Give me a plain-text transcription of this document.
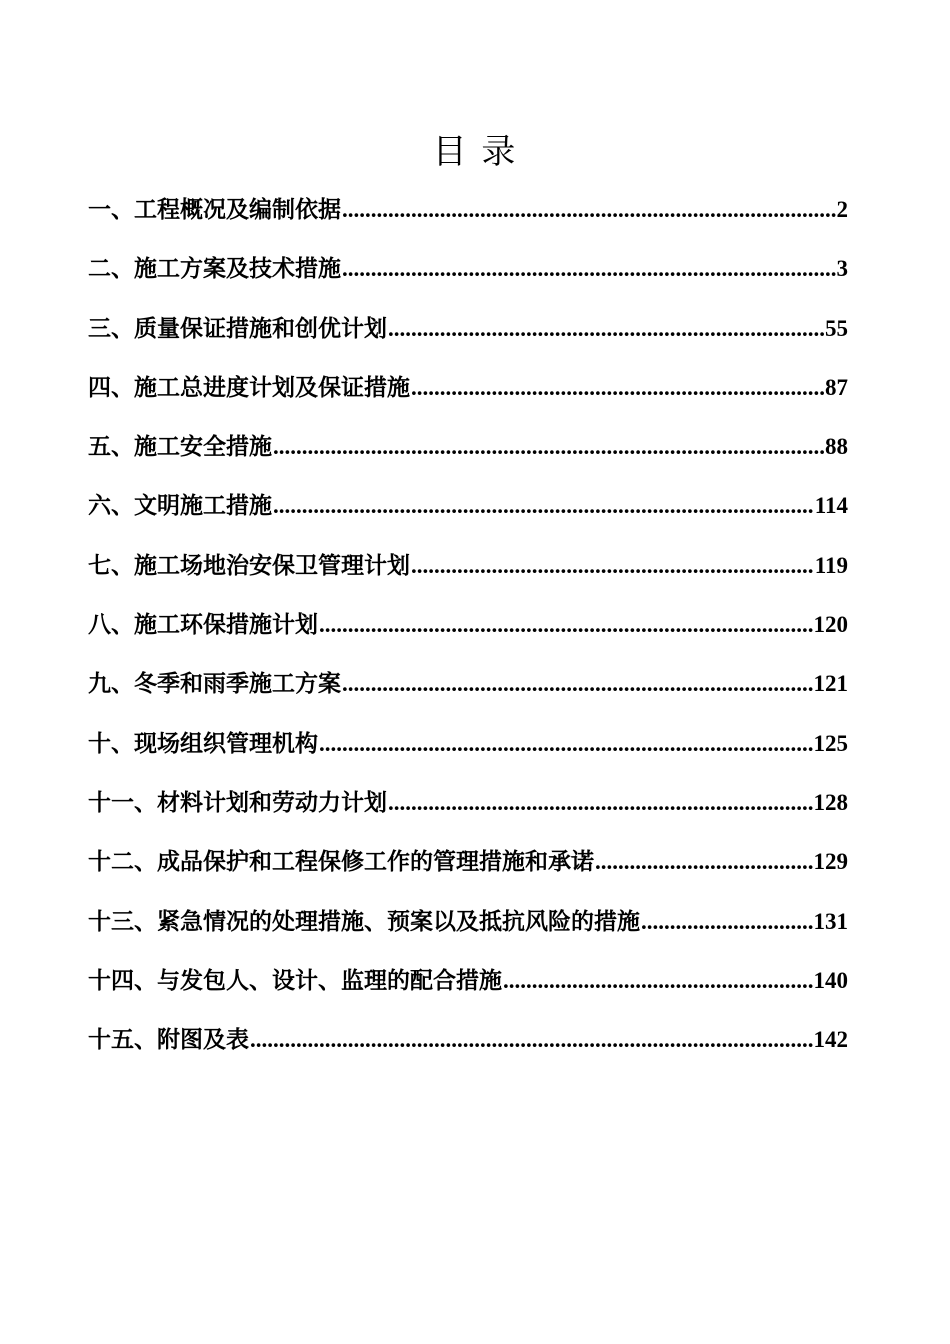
目 录
一、工程概况及编制依据 .....	2
二、施工方案及技术措施 .....	3
三、质量保证措施和创优计划 .....	55
四、施工总进度计划及保证措施 .....	87
五、施工安全措施 .....	88
六、文明施工措施 .....	114
七、施工场地治安保卫管理计划 .....	119
八、施工环保措施计划 .....	120
九、冬季和雨季施工方案 .....	121
十、现场组织管理机构 .....	125
十一、材料计划和劳动力计划 .....	128
十二、成品保护和工程保修工作的管理措施和承诺 .....	129
十三、紧急情况的处理措施、预案以及抵抗风险的措施 .....	131
十四、与发包人、设计、监理的配合措施 .....	140
十五、附图及表 .....	142
